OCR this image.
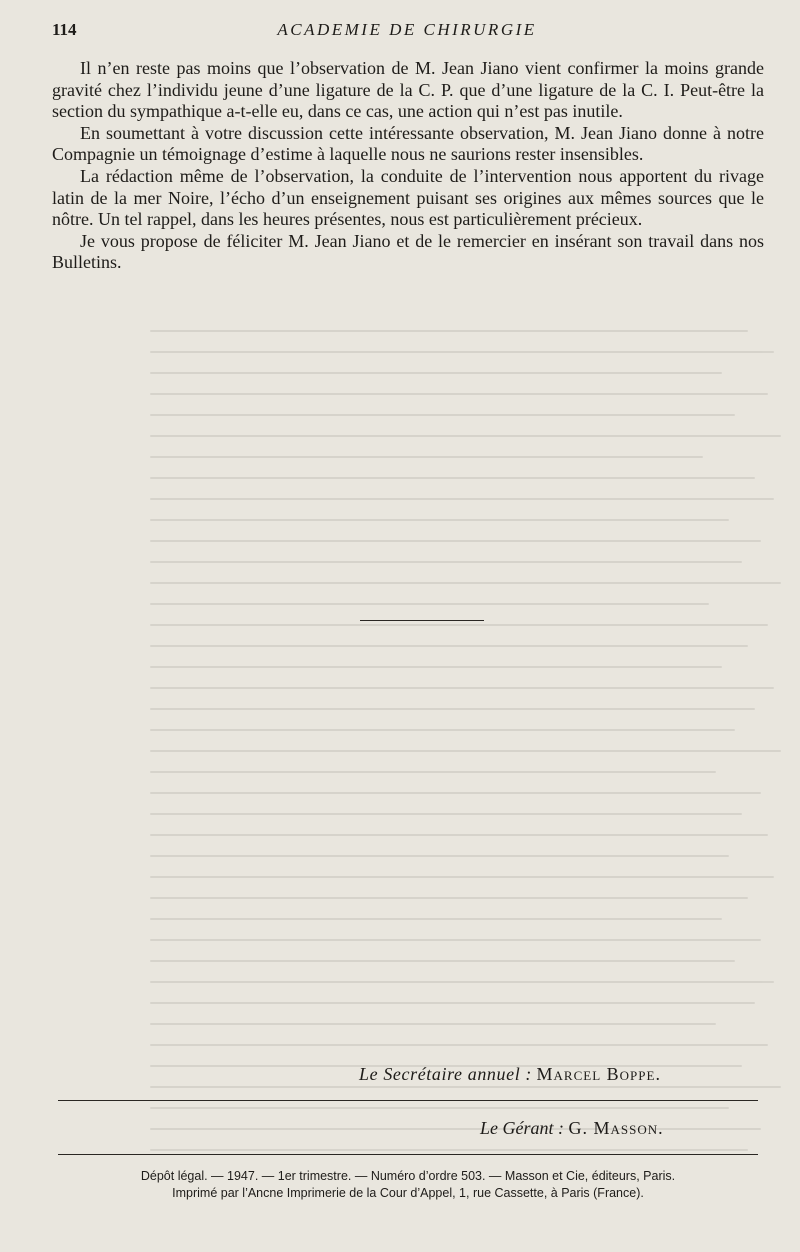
114	ACADEMIE DE CHIRURGIE

Il n’en reste pas moins que l’observation de M. Jean Jiano vient confirmer la moins grande gravité chez l’individu jeune d’une ligature de la C. P. que d’une ligature de la C. I. Peut-être la section du sympathique a-t-elle eu, dans ce cas, une action qui n’est pas inutile.

En soumettant à votre discussion cette intéressante observation, M. Jean Jiano donne à notre Compagnie un témoignage d’estime à laquelle nous ne saurions rester insensibles.

La rédaction même de l’observation, la conduite de l’intervention nous apportent du rivage latin de la mer Noire, l’écho d’un enseignement puisant ses origines aux mêmes sources que le nôtre. Un tel rappel, dans les heures présentes, nous est particulièrement précieux.

Je vous propose de féliciter M. Jean Jiano et de le remercier en insérant son travail dans nos Bulletins.

Le Secrétaire annuel : Marcel Boppe.
Le Gérant : G. Masson.
Dépôt légal. — 1947. — 1er trimestre. — Numéro d’ordre 503. — Masson et Cie, éditeurs, Paris.
Imprimé par l’Ancne Imprimerie de la Cour d’Appel, 1, rue Cassette, à Paris (France).
